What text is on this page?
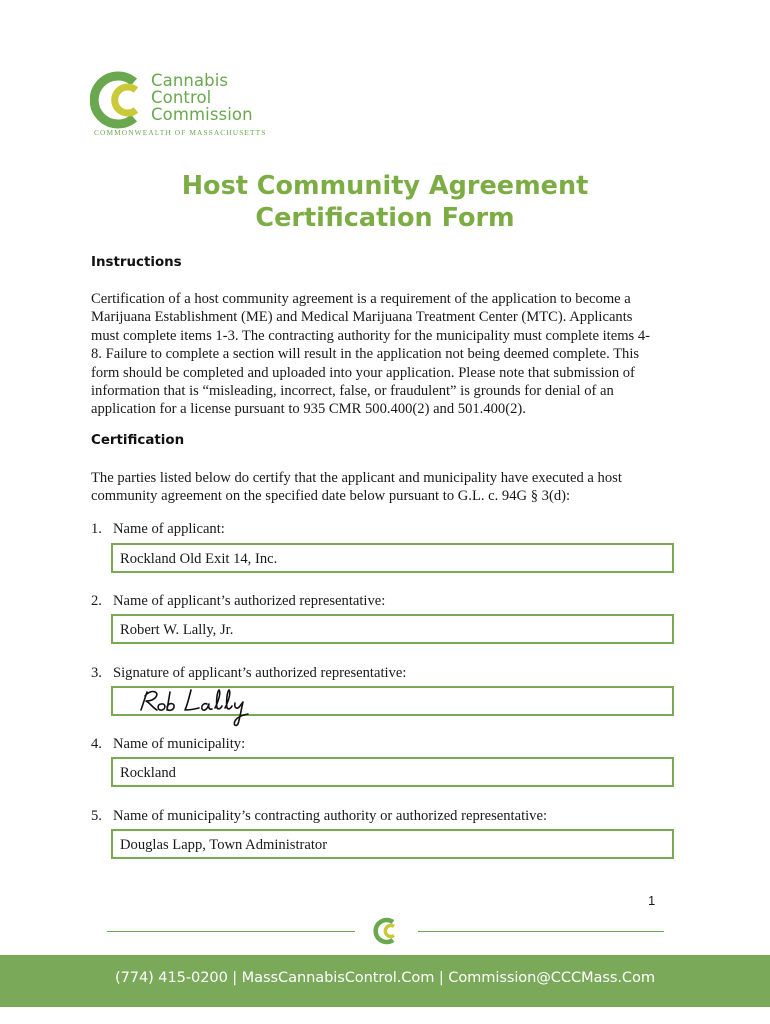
Cannabis
Control
Commission
COMMONWEALTH OF MASSACHUSETTS
Host Community Agreement
Certification Form
Instructions
Certification of a host community agreement is a requirement of the application to become a
Marijuana Establishment (ME) and Medical Marijuana Treatment Center (MTC). Applicants
must complete items 1-3. The contracting authority for the municipality must complete items 4-
8. Failure to complete a section will result in the application not being deemed complete. This
form should be completed and uploaded into your application. Please note that submission of
information that is “misleading, incorrect, false, or fraudulent” is grounds for denial of an
application for a license pursuant to 935 CMR 500.400(2) and 501.400(2).
Certification
The parties listed below do certify that the applicant and municipality have executed a host
community agreement on the specified date below pursuant to G.L. c. 94G § 3(d):
1. Name of applicant:
Rockland Old Exit 14, Inc.
2. Name of applicant’s authorized representative:
Robert W. Lally, Jr.
3. Signature of applicant’s authorized representative:
4. Name of municipality:
Rockland
5. Name of municipality’s contracting authority or authorized representative:
Douglas Lapp, Town Administrator
1
(774) 415-0200 | MassCannabisControl.Com | Commission@CCCMass.Com
